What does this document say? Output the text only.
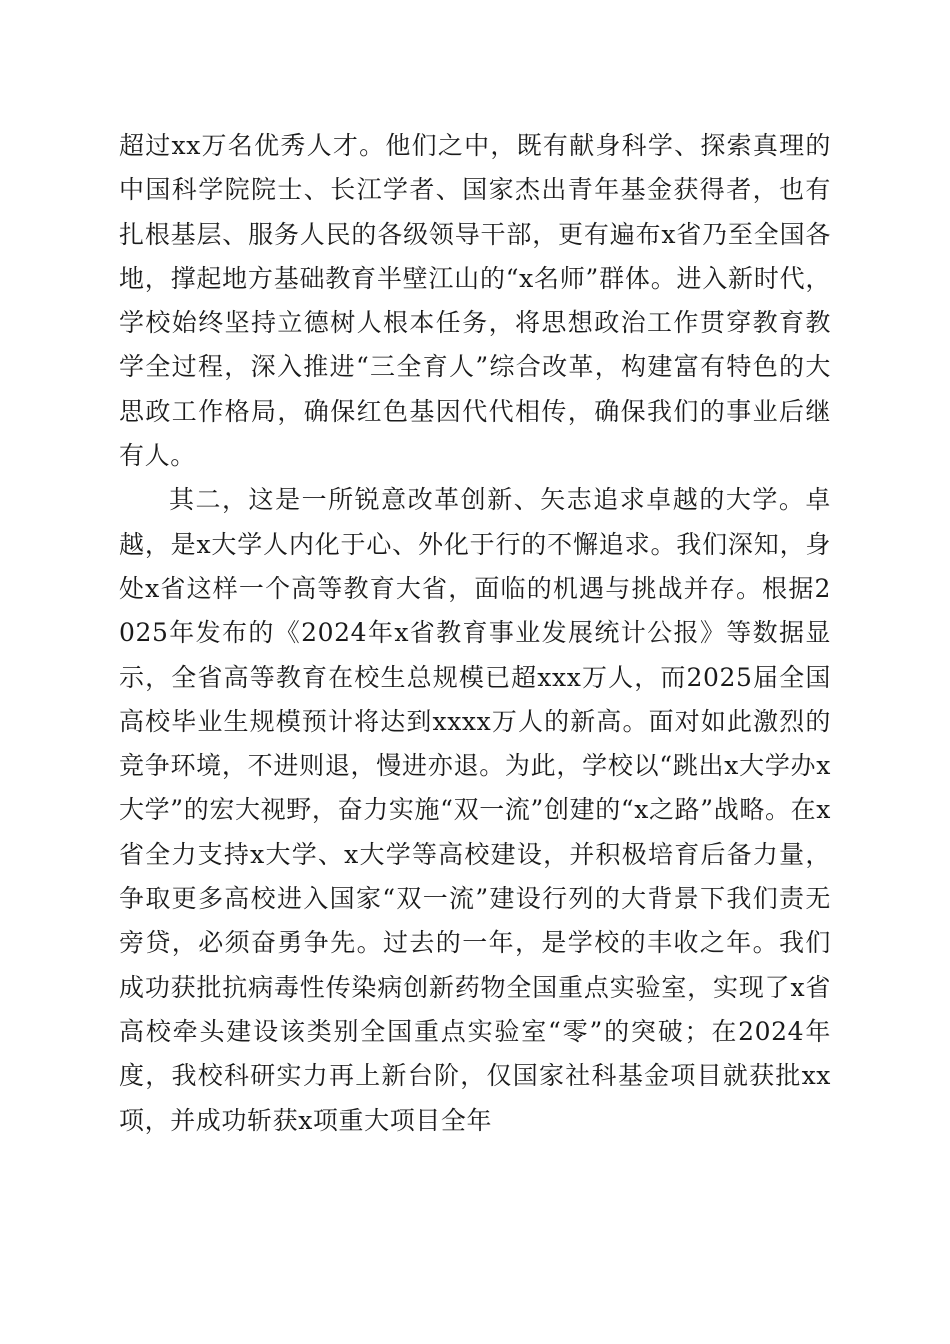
超过xx万名优秀人才。他们之中，既有献身科学、探索真理的中国科学院院士、长江学者、国家杰出青年基金获得者，也有扎根基层、服务人民的各级领导干部，更有遍布x省乃至全国各地，撑起地方基础教育半壁江山的“x名师”群体。进入新时代，学校始终坚持立德树人根本任务，将思想政治工作贯穿教育教学全过程，深入推进“三全育人”综合改革，构建富有特色的大思政工作格局，确保红色基因代代相传，确保我们的事业后继有人。

其二，这是一所锐意改革创新、矢志追求卓越的大学。卓越，是x大学人内化于心、外化于行的不懈追求。我们深知，身处x省这样一个高等教育大省，面临的机遇与挑战并存。根据2025年发布的《2024年x省教育事业发展统计公报》等数据显示，全省高等教育在校生总规模已超xxx万人，而2025届全国高校毕业生规模预计将达到xxxx万人的新高。面对如此激烈的竞争环境，不进则退，慢进亦退。为此，学校以“跳出x大学办x大学”的宏大视野，奋力实施“双一流”创建的“x之路”战略。在x省全力支持x大学、x大学等高校建设，并积极培育后备力量，争取更多高校进入国家“双一流”建设行列的大背景下我们责无旁贷，必须奋勇争先。过去的一年，是学校的丰收之年。我们成功获批抗病毒性传染病创新药物全国重点实验室，实现了x省高校牵头建设该类别全国重点实验室“零”的突破；在2024年度，我校科研实力再上新台阶，仅国家社科基金项目就获批xx项，并成功斩获x项重大项目全年
